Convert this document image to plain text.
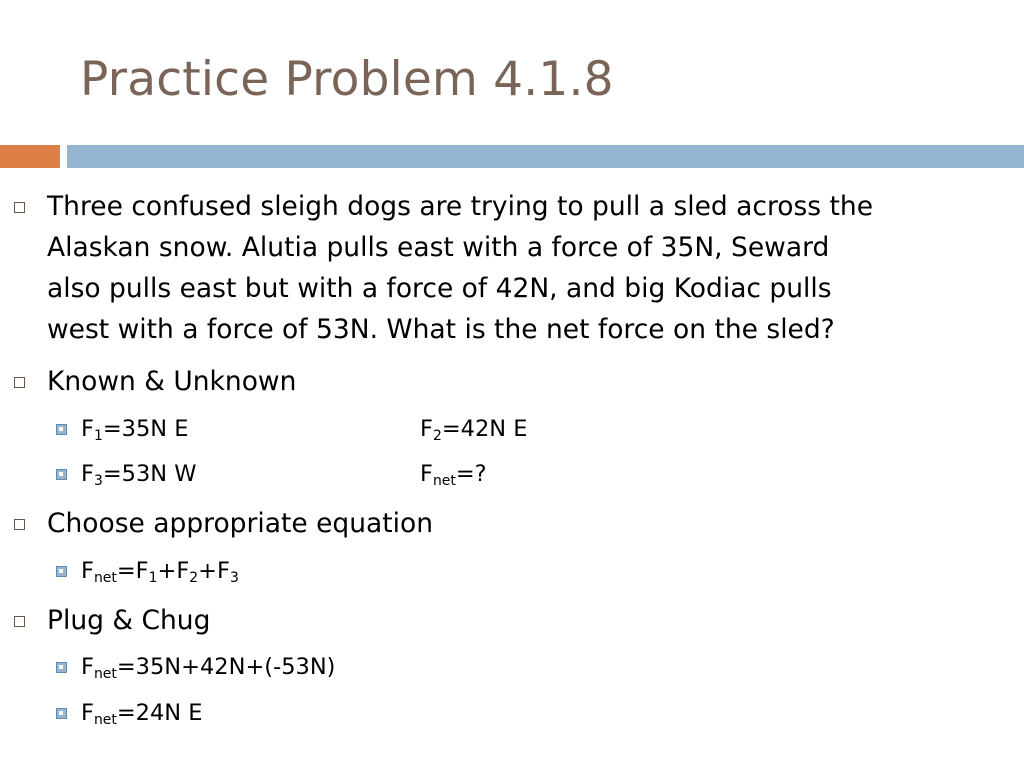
Practice Problem 4.1.8
Three confused sleigh dogs are trying to pull a sled across the
Alaskan snow. Alutia pulls east with a force of 35N, Seward
also pulls east but with a force of 42N, and big Kodiac pulls
west with a force of 53N. What is the net force on the sled?
Known & Unknown
$F_1=35N$ E	$F_2=42N$ E
$F_3=53N$ W	$F_{net}=$?
Choose appropriate equation
$F_{net}=F_1+F_2+F_3$
Plug & Chug
$F_{net}=35N+42N+(-53N)$
$F_{net}=24N$ E
